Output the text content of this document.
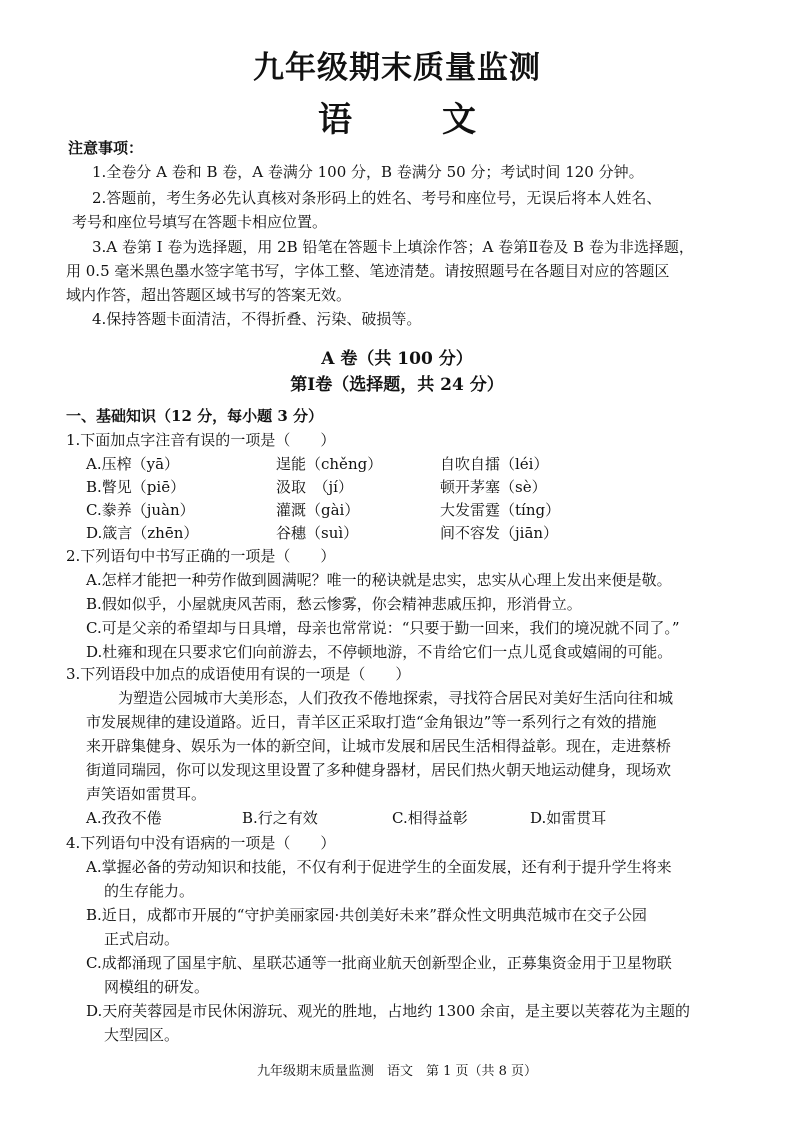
九年级期末质量监测
语　文
注意事项：
1.全卷分 A 卷和 B 卷，A 卷满分 100 分，B 卷满分 50 分；考试时间 120 分钟。
2.答题前，考生务必先认真核对条形码上的姓名、考号和座位号，无误后将本人姓名、
考号和座位号填写在答题卡相应位置。
3.A 卷第 I 卷为选择题，用 2B 铅笔在答题卡上填涂作答；A 卷第Ⅱ卷及 B 卷为非选择题，
用 0.5 毫米黑色墨水签字笔书写，字体工整、笔迹清楚。请按照题号在各题目对应的答题区
域内作答，超出答题区域书写的答案无效。
4.保持答题卡面清洁，不得折叠、污染、破损等。
A 卷（共 100 分）
第Ⅰ卷（选择题，共 24 分）
一、基础知识（12 分，每小题 3 分）
1.下面加点字注音有误的一项是（　　）
A.压榨（yā）	逞能（chěng）	自吹自擂（léi）
B.瞥见（piē）	汲取　（jí）	顿开茅塞（sè）
C.豢养（juàn）	灌溉（gài）	大发雷霆（tíng）
D.箴言（zhēn）	谷穗（suì）	间不容发（jiān）
2.下列语句中书写正确的一项是（　　）
A.怎样才能把一种劳作做到圆满呢？唯一的秘诀就是忠实，忠实从心理上发出来便是敬。
B.假如似乎，小屋就庚风苦雨，愁云惨雾，你会精神悲戚压抑，形消骨立。
C.可是父亲的希望却与日具增，母亲也常常说：“只要于勤一回来，我们的境况就不同了。”
D.杜雍和现在只要求它们向前游去，不停顿地游，不肯给它们一点儿觅食或嬉闹的可能。
3.下列语段中加点的成语使用有误的一项是（　　）
为塑造公园城市大美形态，人们孜孜不倦地探索，寻找符合居民对美好生活向往和城
市发展规律的建设道路。近日，青羊区正采取打造“金角银边”等一系列行之有效的措施
来开辟集健身、娱乐为一体的新空间，让城市发展和居民生活相得益彰。现在，走进蔡桥
街道同瑞园，你可以发现这里设置了多种健身器材，居民们热火朝天地运动健身，现场欢
声笑语如雷贯耳。
A.孜孜不倦	B.行之有效	C.相得益彰	D.如雷贯耳
4.下列语句中没有语病的一项是（　　）
A.掌握必备的劳动知识和技能，不仅有利于促进学生的全面发展，还有利于提升学生将来
的生存能力。
B.近日，成都市开展的“守护美丽家园·共创美好未来”群众性文明典范城市在交子公园
正式启动。
C.成都涌现了国星宇航、星联芯通等一批商业航天创新型企业，正募集资金用于卫星物联
网模组的研发。
D.天府芙蓉园是市民休闲游玩、观光的胜地，占地约 1300 余亩，是主要以芙蓉花为主题的
大型园区。
九年级期末质量监测　语文　第 1 页（共 8 页）
